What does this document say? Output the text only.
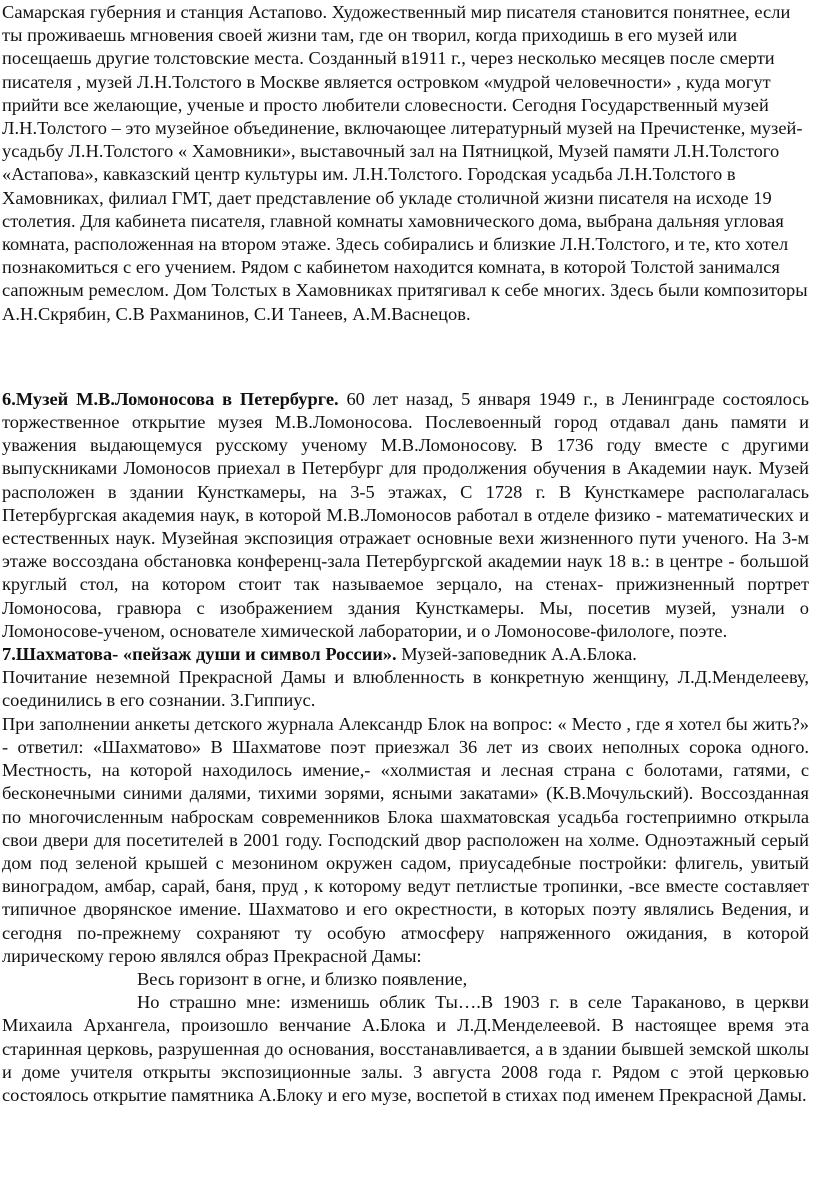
Самарская губерния и станция Астапово. Художественный мир писателя становится понятнее, если ты проживаешь мгновения своей жизни там, где он творил, когда приходишь в его музей или посещаешь другие толстовские места. Созданный в1911 г., через несколько месяцев после смерти писателя , музей Л.Н.Толстого в Москве является островком «мудрой человечности» , куда могут прийти все желающие, ученые и просто любители словесности. Сегодня Государственный музей Л.Н.Толстого – это музейное объединение, включающее литературный музей на Пречистенке, музей-усадьбу Л.Н.Толстого « Хамовники», выставочный зал на Пятницкой, Музей памяти Л.Н.Толстого «Астапова», кавказский центр культуры им. Л.Н.Толстого. Городская усадьба Л.Н.Толстого в Хамовниках, филиал ГМТ, дает представление об укладе столичной жизни писателя на исходе 19 столетия. Для кабинета писателя, главной комнаты хамовнического дома, выбрана дальняя угловая комната, расположенная на втором этаже. Здесь собирались и близкие Л.Н.Толстого, и те, кто хотел познакомиться с его учением. Рядом с кабинетом находится комната, в которой Толстой занимался сапожным ремеслом. Дом Толстых в Хамовниках притягивал к себе многих. Здесь были композиторы А.Н.Скрябин, С.В Рахманинов, С.И Танеев, А.М.Васнецов.

6.Музей М.В.Ломоносова в Петербурге. 60 лет назад, 5 января 1949 г., в Ленинграде состоялось торжественное открытие музея М.В.Ломоносова. Послевоенный город отдавал дань памяти и уважения выдающемуся русскому ученому М.В.Ломоносову. В 1736 году вместе с другими выпускниками Ломоносов приехал в Петербург для продолжения обучения в Академии наук. Музей расположен в здании Кунсткамеры, на 3-5 этажах, С 1728 г. В Кунсткамере располагалась Петербургская академия наук, в которой М.В.Ломоносов работал в отделе физико - математических и естественных наук. Музейная экспозиция отражает основные вехи жизненного пути ученого. На 3-м этаже воссоздана обстановка конференц-зала Петербургской академии наук 18 в.: в центре - большой круглый стол, на котором стоит так называемое зерцало, на стенах- прижизненный портрет Ломоносова, гравюра с изображением здания Кунсткамеры. Мы, посетив музей, узнали о Ломоносове-ученом, основателе химической лаборатории, и о Ломоносове-филологе, поэте.

7.Шахматова- «пейзаж души и символ России». Музей-заповедник А.А.Блока.

Почитание неземной Прекрасной Дамы и влюбленность в конкретную женщину, Л.Д.Менделееву, соединились в его сознании. З.Гиппиус.

При заполнении анкеты детского журнала Александр Блок на вопрос: « Место , где я хотел бы жить?» - ответил: «Шахматово» В Шахматове поэт приезжал 36 лет из своих неполных сорока одного. Местность, на которой находилось имение,- «холмистая и лесная страна с болотами, гатями, с бесконечными синими далями, тихими зорями, ясными закатами» (К.В.Мочульский). Воссозданная по многочисленным наброскам современников Блока шахматовская усадьба гостеприимно открыла свои двери для посетителей в 2001 году. Господский двор расположен на холме. Одноэтажный серый дом под зеленой крышей с мезонином окружен садом, приусадебные постройки: флигель, увитый виноградом, амбар, сарай, баня, пруд , к которому ведут петлистые тропинки, -все вместе составляет типичное дворянское имение. Шахматово и его окрестности, в которых поэту являлись Ведения, и сегодня по-прежнему сохраняют ту особую атмосферу напряженного ожидания, в которой лирическому герою являлся образ Прекрасной Дамы:

Весь горизонт в огне, и близко появление,

Но страшно мне: изменишь облик Ты….В 1903 г. в селе Тараканово, в церкви Михаила Архангела, произошло венчание А.Блока и Л.Д.Менделеевой. В настоящее время эта старинная церковь, разрушенная до основания, восстанавливается, а в здании бывшей земской школы и доме учителя открыты экспозиционные залы. 3 августа 2008 года г. Рядом с этой церковью состоялось открытие памятника А.Блоку и его музе, воспетой в стихах под именем Прекрасной Дамы.
